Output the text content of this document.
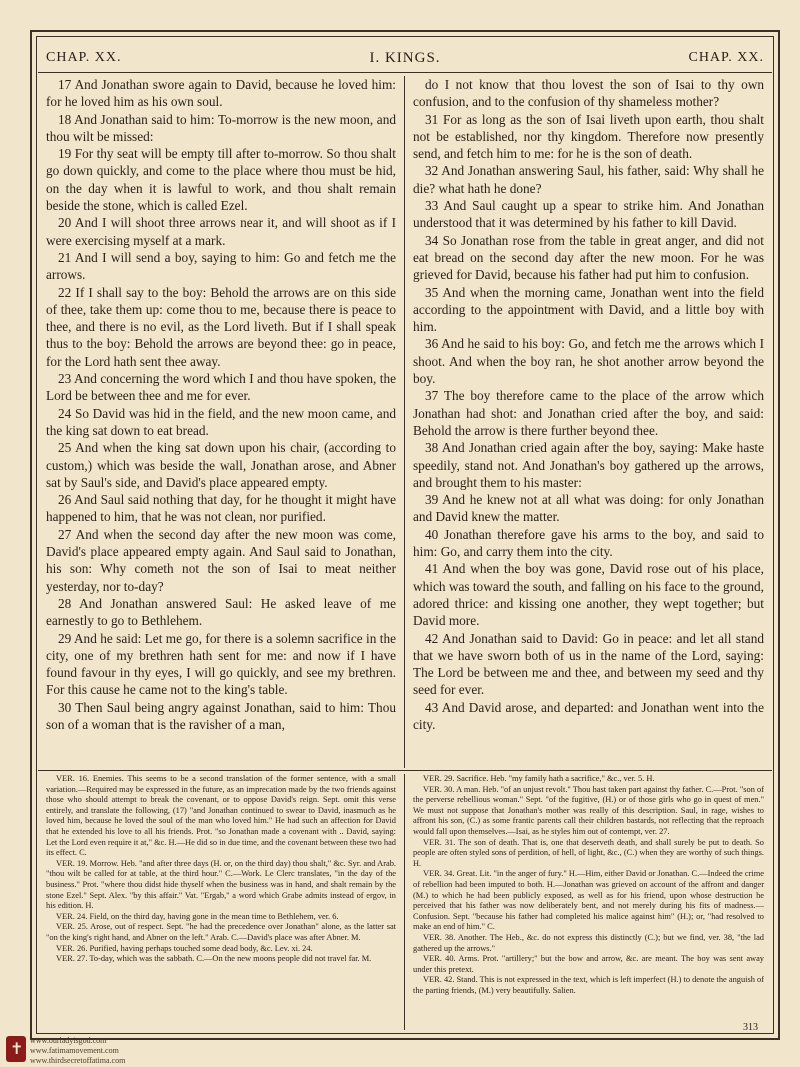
CHAP. XX.	I. KINGS.	CHAP. XX.

17 And Jonathan swore again to David, because he loved him: for he loved him as his own soul.

18 And Jonathan said to him: To-morrow is the new moon, and thou wilt be missed:

19 For thy seat will be empty till after to-morrow. So thou shalt go down quickly, and come to the place where thou must be hid, on the day when it is lawful to work, and thou shalt remain beside the stone, which is called Ezel.

20 And I will shoot three arrows near it, and will shoot as if I were exercising myself at a mark.

21 And I will send a boy, saying to him: Go and fetch me the arrows.

22 If I shall say to the boy: Behold the arrows are on this side of thee, take them up: come thou to me, because there is peace to thee, and there is no evil, as the Lord liveth. But if I shall speak thus to the boy: Behold the arrows are beyond thee: go in peace, for the Lord hath sent thee away.

23 And concerning the word which I and thou have spoken, the Lord be between thee and me for ever.

24 So David was hid in the field, and the new moon came, and the king sat down to eat bread.

25 And when the king sat down upon his chair, (according to custom,) which was beside the wall, Jonathan arose, and Abner sat by Saul's side, and David's place appeared empty.

26 And Saul said nothing that day, for he thought it might have happened to him, that he was not clean, nor purified.

27 And when the second day after the new moon was come, David's place appeared empty again. And Saul said to Jonathan, his son: Why cometh not the son of Isai to meat neither yesterday, nor to-day?

28 And Jonathan answered Saul: He asked leave of me earnestly to go to Bethlehem.

29 And he said: Let me go, for there is a solemn sacrifice in the city, one of my brethren hath sent for me: and now if I have found favour in thy eyes, I will go quickly, and see my brethren. For this cause he came not to the king's table.

30 Then Saul being angry against Jonathan, said to him: Thou son of a woman that is the ravisher of a man,

do I not know that thou lovest the son of Isai to thy own confusion, and to the confusion of thy shameless mother?

31 For as long as the son of Isai liveth upon earth, thou shalt not be established, nor thy kingdom. Therefore now presently send, and fetch him to me: for he is the son of death.

32 And Jonathan answering Saul, his father, said: Why shall he die? what hath he done?

33 And Saul caught up a spear to strike him. And Jonathan understood that it was determined by his father to kill David.

34 So Jonathan rose from the table in great anger, and did not eat bread on the second day after the new moon. For he was grieved for David, because his father had put him to confusion.

35 And when the morning came, Jonathan went into the field according to the appointment with David, and a little boy with him.

36 And he said to his boy: Go, and fetch me the arrows which I shoot. And when the boy ran, he shot another arrow beyond the boy.

37 The boy therefore came to the place of the arrow which Jonathan had shot: and Jonathan cried after the boy, and said: Behold the arrow is there further beyond thee.

38 And Jonathan cried again after the boy, saying: Make haste speedily, stand not. And Jonathan's boy gathered up the arrows, and brought them to his master:

39 And he knew not at all what was doing: for only Jonathan and David knew the matter.

40 Jonathan therefore gave his arms to the boy, and said to him: Go, and carry them into the city.

41 And when the boy was gone, David rose out of his place, which was toward the south, and falling on his face to the ground, adored thrice: and kissing one another, they wept together; but David more.

42 And Jonathan said to David: Go in peace: and let all stand that we have sworn both of us in the name of the Lord, saying: The Lord be between me and thee, and between my seed and thy seed for ever.

43 And David arose, and departed: and Jonathan went into the city.

VER. 16. Enemies. This seems to be a second translation of the former sentence, with a small variation.—Required may be expressed in the future, as an imprecation made by the two friends against those who should attempt to break the covenant, or to oppose David's reign. Sept. omit this verse entirely, and translate the following, (17) "and Jonathan continued to swear to David, inasmuch as he loved him, because he loved the soul of the man who loved him." He had such an affection for David that he extended his love to all his friends. Prot. "so Jonathan made a covenant with .. David, saying: Let the Lord even require it at," &c. H.—He did so in due time, and the covenant between these two had its effect. C.

VER. 19. Morrow. Heb. "and after three days (H. or, on the third day) thou shalt," &c. Syr. and Arab. "thou wilt be called for at table, at the third hour." C.—Work. Le Clerc translates, "in the day of the business." Prot. "where thou didst hide thyself when the business was in hand, and shalt remain by the stone Ezel." Sept. Alex. "by this affair." Vat. "Ergab," a word which Grabe admits instead of ergov, in his edition. H.

VER. 24. Field, on the third day, having gone in the mean time to Bethlehem, ver. 6.

VER. 25. Arose, out of respect. Sept. "he had the precedence over Jonathan" alone, as the latter sat "on the king's right hand, and Abner on the left." Arab. C.—David's place was after Abner. M.

VER. 26. Purified, having perhaps touched some dead body, &c. Lev. xi. 24.

VER. 27. To-day, which was the sabbath. C.—On the new moons people did not travel far. M.

VER. 29. Sacrifice. Heb. "my family hath a sacrifice," &c., ver. 5. H.

VER. 30. A man. Heb. "of an unjust revolt." Thou hast taken part against thy father. C.—Prot. "son of the perverse rebellious woman." Sept. "of the fugitive, (H.) or of those girls who go in quest of men." We must not suppose that Jonathan's mother was really of this description. Saul, in rage, wishes to affront his son, (C.) as some frantic parents call their children bastards, not reflecting that the reproach would fall upon themselves.—Isai, as he styles him out of contempt, ver. 27.

VER. 31. The son of death. That is, one that deserveth death, and shall surely be put to death. So people are often styled sons of perdition, of hell, of light, &c., (C.) when they are worthy of such things. H.

VER. 34. Great. Lit. "in the anger of fury." H.—Him, either David or Jonathan. C.—Indeed the crime of rebellion had been imputed to both. H.—Jonathan was grieved on account of the affront and danger (M.) to which he had been publicly exposed, as well as for his friend, upon whose destruction he perceived that his father was now deliberately bent, and not merely during his fits of madness.—Confusion. Sept. "because his father had completed his malice against him" (H.); or, "had resolved to make an end of him." C.

VER. 38. Another. The Heb., &c. do not express this distinctly (C.); but we find, ver. 38, "the lad gathered up the arrows."

VER. 40. Arms. Prot. "artillery;" but the bow and arrow, &c. are meant. The boy was sent away under this pretext.

VER. 42. Stand. This is not expressed in the text, which is left imperfect (H.) to denote the anguish of the parting friends, (M.) very beautifully. Salien.

313
✝
www.ourladyisgod.com
www.fatimamovement.com
www.thirdsecretoffatima.com
